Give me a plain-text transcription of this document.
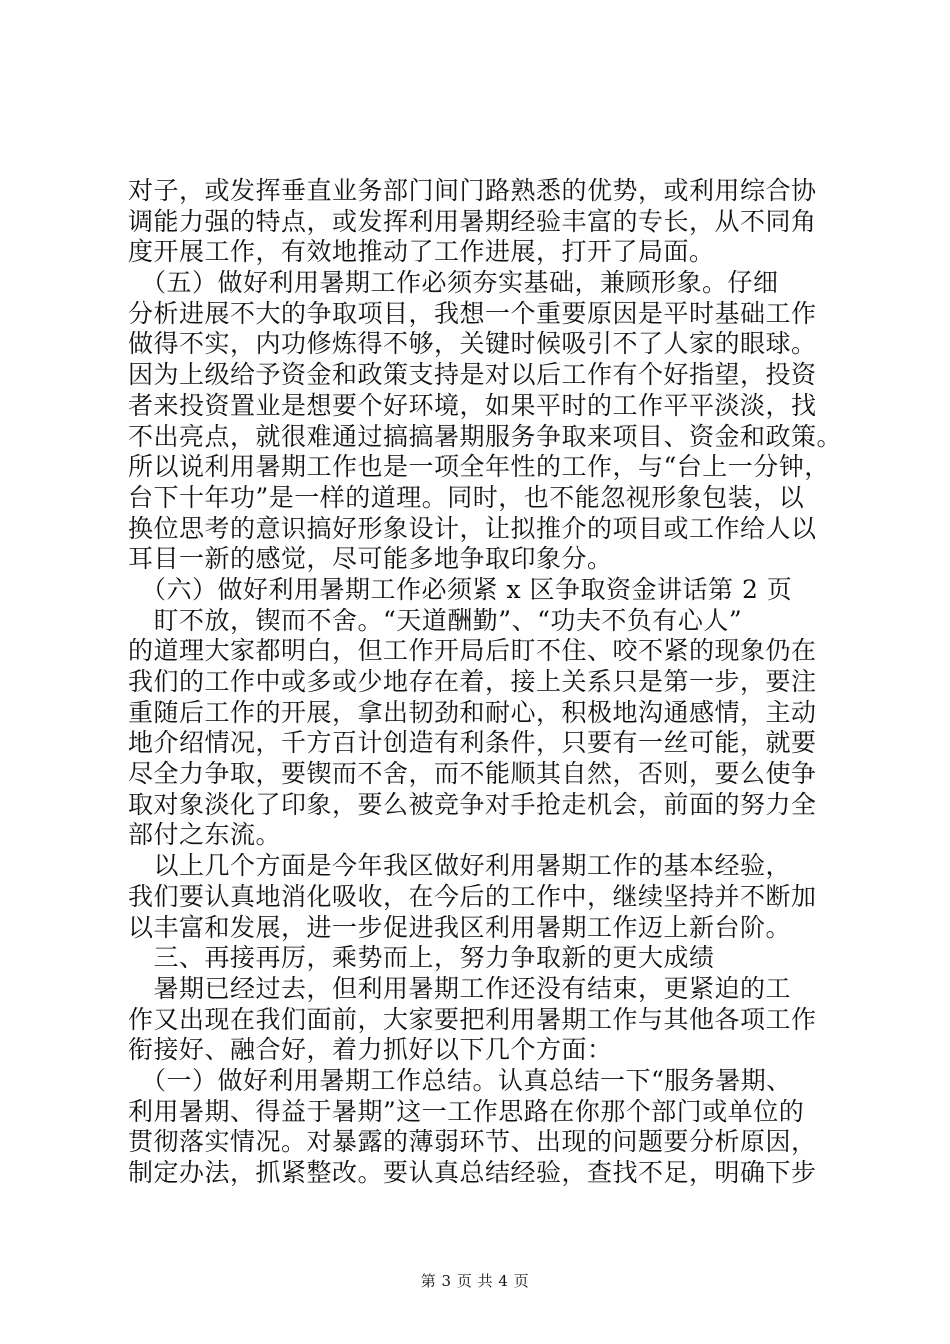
对子，或发挥垂直业务部门间门路熟悉的优势，或利用综合协
调能力强的特点，或发挥利用暑期经验丰富的专长，从不同角
度开展工作，有效地推动了工作进展，打开了局面。
　（五）做好利用暑期工作必须夯实基础，兼顾形象。仔细
分析进展不大的争取项目，我想一个重要原因是平时基础工作
做得不实，内功修炼得不够，关键时候吸引不了人家的眼球。
因为上级给予资金和政策支持是对以后工作有个好指望，投资
者来投资置业是想要个好环境，如果平时的工作平平淡淡，找
不出亮点，就很难通过搞搞暑期服务争取来项目、资金和政策。
所以说利用暑期工作也是一项全年性的工作，与“台上一分钟，
台下十年功”是一样的道理。同时，也不能忽视形象包装，以
换位思考的意识搞好形象设计，让拟推介的项目或工作给人以
耳目一新的感觉，尽可能多地争取印象分。
　（六）做好利用暑期工作必须紧 x 区争取资金讲话第 2 页
　盯不放，锲而不舍。“天道酬勤”、“功夫不负有心人”
的道理大家都明白，但工作开局后盯不住、咬不紧的现象仍在
我们的工作中或多或少地存在着，接上关系只是第一步，要注
重随后工作的开展，拿出韧劲和耐心，积极地沟通感情，主动
地介绍情况，千方百计创造有利条件，只要有一丝可能，就要
尽全力争取，要锲而不舍，而不能顺其自然，否则，要么使争
取对象淡化了印象，要么被竞争对手抢走机会，前面的努力全
部付之东流。
　以上几个方面是今年我区做好利用暑期工作的基本经验，
我们要认真地消化吸收，在今后的工作中，继续坚持并不断加
以丰富和发展，进一步促进我区利用暑期工作迈上新台阶。
　三、再接再厉，乘势而上，努力争取新的更大成绩
　暑期已经过去，但利用暑期工作还没有结束，更紧迫的工
作又出现在我们面前，大家要把利用暑期工作与其他各项工作
衔接好、融合好，着力抓好以下几个方面：
　（一）做好利用暑期工作总结。认真总结一下“服务暑期、
利用暑期、得益于暑期”这一工作思路在你那个部门或单位的
贯彻落实情况。对暴露的薄弱环节、出现的问题要分析原因，
制定办法，抓紧整改。要认真总结经验，查找不足，明确下步
第 3 页 共 4 页
